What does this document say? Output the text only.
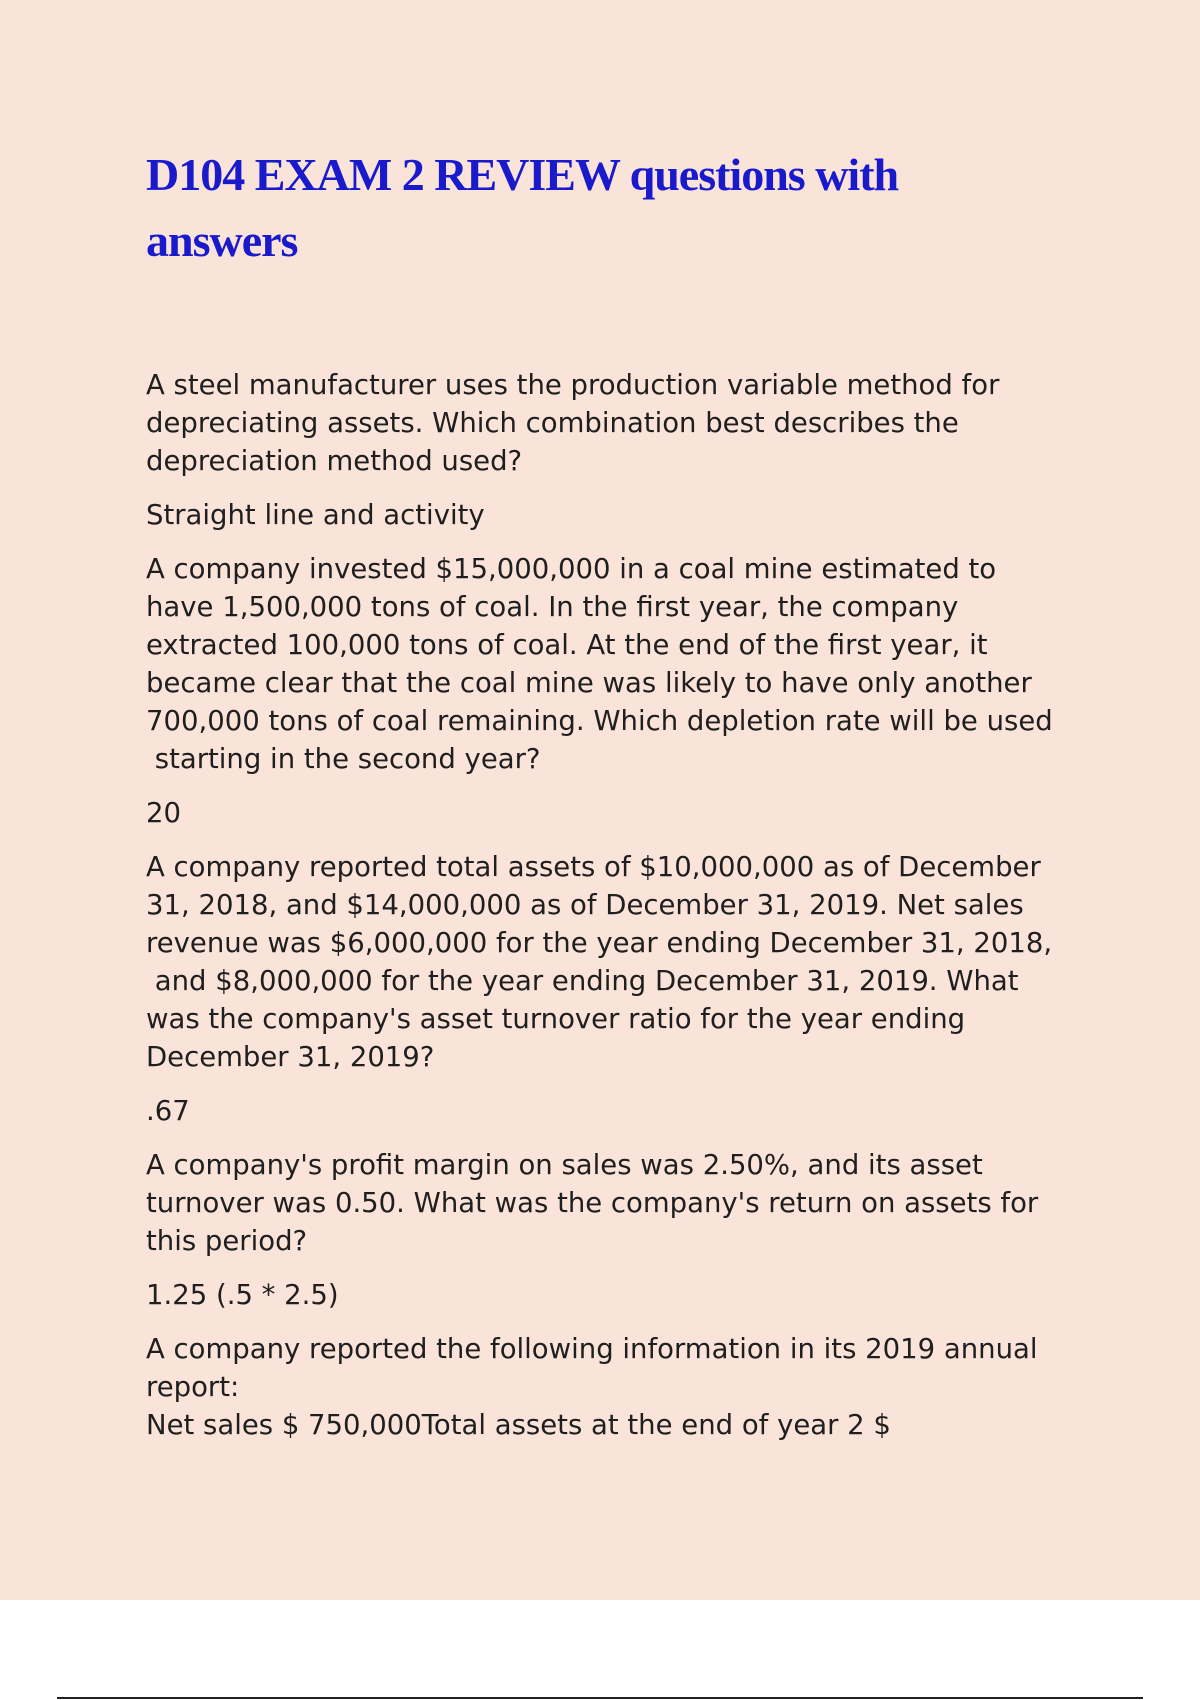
D104 EXAM 2 REVIEW questions with
answers

A steel manufacturer uses the production variable method for
depreciating assets. Which combination best describes the
depreciation method used?

Straight line and activity

A company invested $15,000,000 in a coal mine estimated to
have 1,500,000 tons of coal. In the first year, the company
extracted 100,000 tons of coal. At the end of the first year, it
became clear that the coal mine was likely to have only another
700,000 tons of coal remaining. Which depletion rate will be used
starting in the second year?

20

A company reported total assets of $10,000,000 as of December
31, 2018, and $14,000,000 as of December 31, 2019. Net sales
revenue was $6,000,000 for the year ending December 31, 2018,
and $8,000,000 for the year ending December 31, 2019. What
was the company's asset turnover ratio for the year ending
December 31, 2019?

.67

A company's profit margin on sales was 2.50%, and its asset
turnover was 0.50. What was the company's return on assets for
this period?

1.25 (.5 * 2.5)

A company reported the following information in its 2019 annual
report:
Net sales $ 750,000Total assets at the end of year 2 $
